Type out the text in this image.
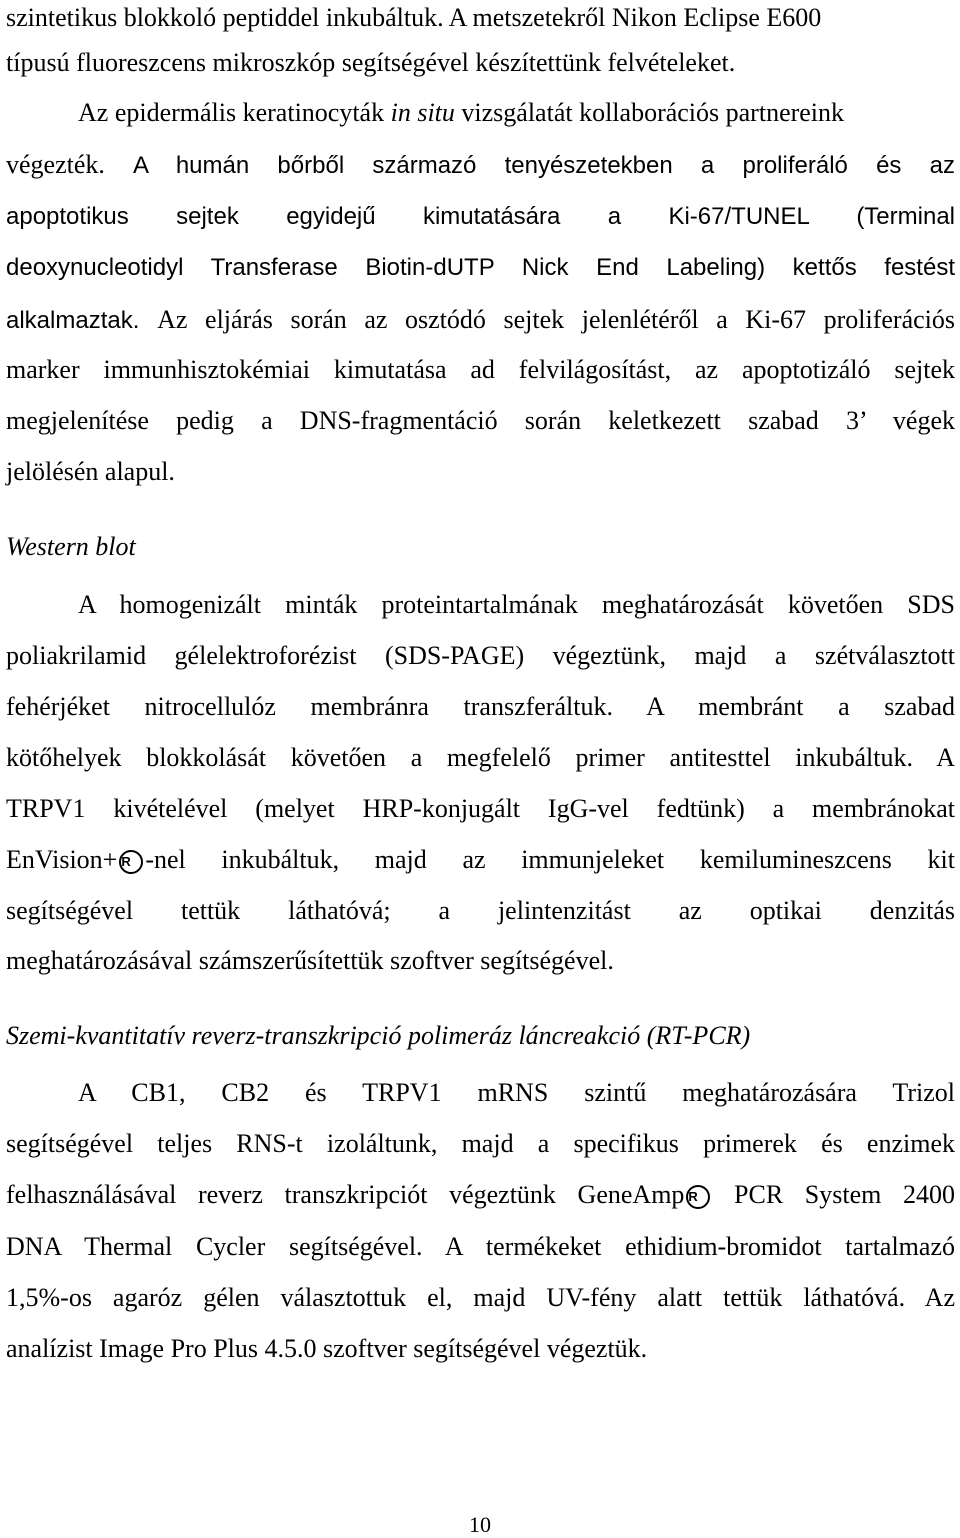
szintetikus blokkoló peptiddel inkubáltuk. A metszetekről Nikon Eclipse E600
típusú fluoreszcens mikroszkóp segítségével készítettünk felvételeket.
Az epidermális keratinocyták in situ vizsgálatát kollaborációs partnereink
végezték. A humán bőrből származó tenyészetekben a proliferáló és az
apoptotikus sejtek egyidejű kimutatására a Ki-67/TUNEL (Terminal
deoxynucleotidyl Transferase Biotin-dUTP Nick End Labeling) kettős festést
alkalmaztak. Az eljárás során az osztódó sejtek jelenlétéről a Ki-67 proliferációs
marker immunhisztokémiai kimutatása ad felvilágosítást, az apoptotizáló sejtek
megjelenítése pedig a DNS-fragmentáció során keletkezett szabad 3’ végek
jelölésén alapul.
Western blot
A homogenizált minták proteintartalmának meghatározását követően SDS
poliakrilamid gélelektroforézist (SDS-PAGE) végeztünk, majd a szétválasztott
fehérjéket nitrocellulóz membránra transzferáltuk. A membránt a szabad
kötőhelyek blokkolását követően a megfelelő primer antitesttel inkubáltuk. A
TRPV1 kivételével (melyet HRP-konjugált IgG-vel fedtünk) a membránokat
EnVision+ R -nel inkubáltuk, majd az immunjeleket kemilumineszcens kit
segítségével tettük láthatóvá; a jelintenzitást az optikai denzitás
meghatározásával számszerűsítettük szoftver segítségével.
Szemi-kvantitatív reverz-transzkripció polimeráz láncreakció (RT-PCR)
A CB1, CB2 és TRPV1 mRNS szintű meghatározására Trizol
segítségével teljes RNS-t izoláltunk, majd a specifikus primerek és enzimek
felhasználásával reverz transzkripciót végeztünk GeneAmp R PCR System 2400
DNA Thermal Cycler segítségével. A termékeket ethidium-bromidot tartalmazó
1,5%-os agaróz gélen választottuk el, majd UV-fény alatt tettük láthatóvá. Az
analízist Image Pro Plus 4.5.0 szoftver segítségével végeztük.
10
